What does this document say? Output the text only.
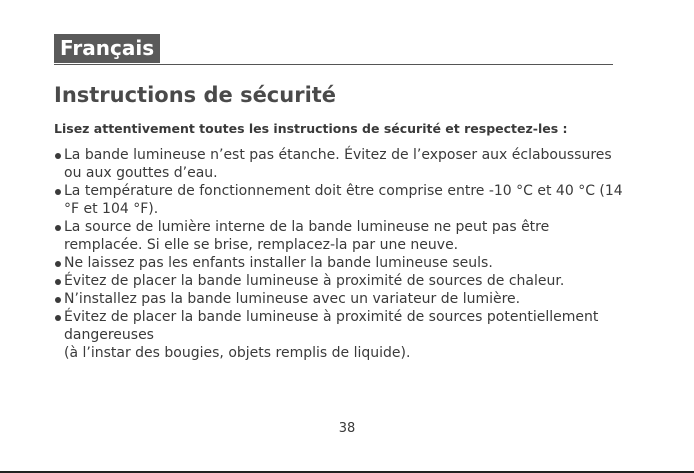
Français
Instructions de sécurité

Lisez attentivement toutes les instructions de sécurité et respectez-les :

La bande lumineuse n’est pas étanche. Évitez de l’exposer aux éclaboussures
ou aux gouttes d’eau.
La température de fonctionnement doit être comprise entre -10 °C et 40 °C (14
°F et 104 °F).
La source de lumière interne de la bande lumineuse ne peut pas être
remplacée. Si elle se brise, remplacez-la par une neuve.
Ne laissez pas les enfants installer la bande lumineuse seuls.
Évitez de placer la bande lumineuse à proximité de sources de chaleur.
N’installez pas la bande lumineuse avec un variateur de lumière.
Évitez de placer la bande lumineuse à proximité de sources potentiellement
dangereuses
(à l’instar des bougies, objets remplis de liquide).
38
